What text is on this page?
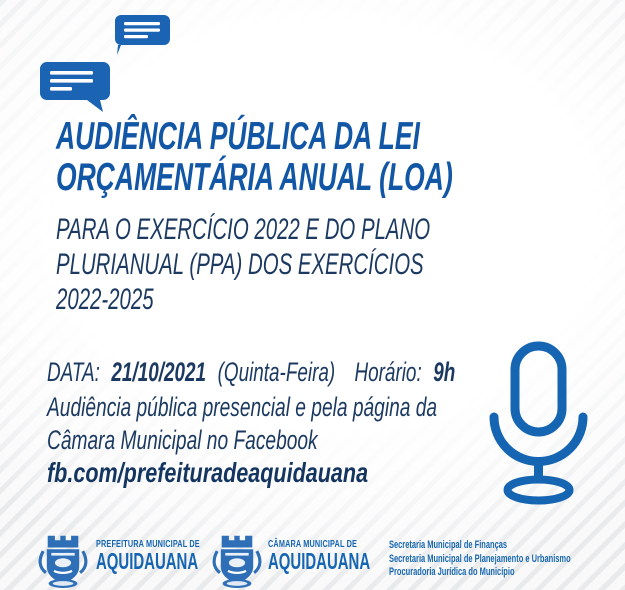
AUDIÊNCIA PÚBLICA DA LEI
ORÇAMENTÁRIA ANUAL (LOA)
PARA O EXERCÍCIO 2022 E DO PLANO
PLURIANUAL (PPA) DOS EXERCÍCIOS
2022-2025
DATA: 21/10/2021 (Quinta-Feira) Horário: 9h
Audiência pública presencial e pela página da
Câmara Municipal no Facebook
fb.com/prefeituradeaquidauana
PREFEITURA MUNICIPAL DE
AQUIDAUANA
CÂMARA MUNICIPAL DE
AQUIDAUANA
Secretaria Municipal de Finanças
Secretaria Municipal de Planejamento e Urbanismo
Procuradoria Jurídica do Município
